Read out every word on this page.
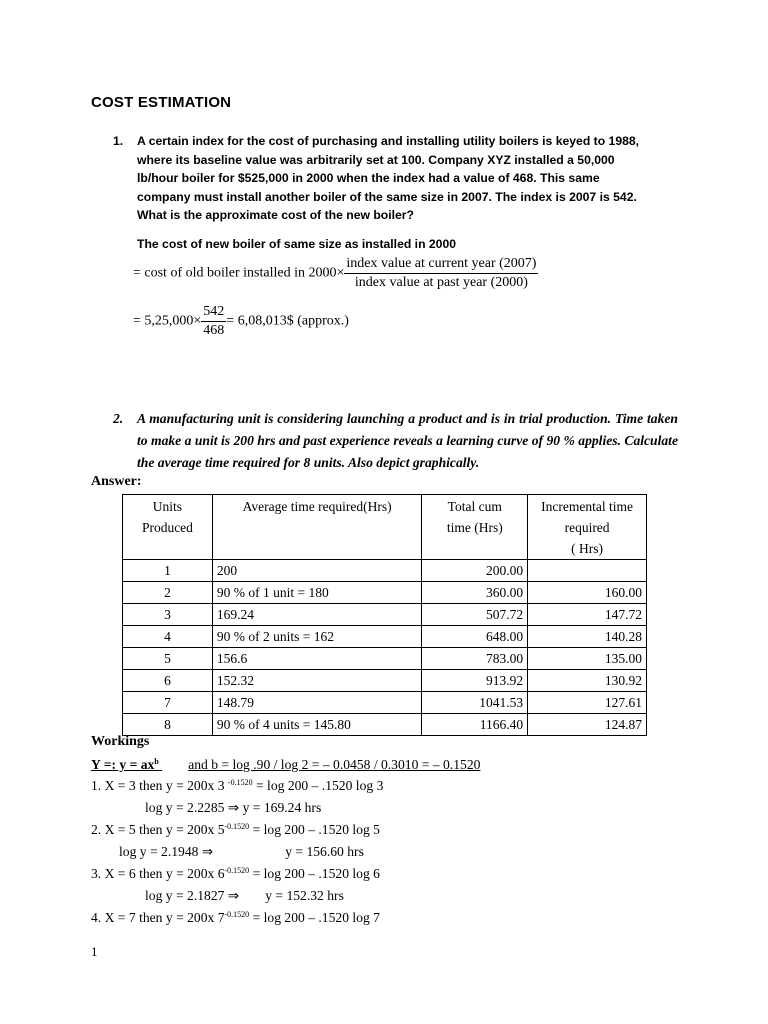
COST ESTIMATION
1. A certain index for the cost of purchasing and installing utility boilers is keyed to 1988, where its baseline value was arbitrarily set at 100. Company XYZ installed a 50,000 lb/hour boiler for $525,000 in 2000 when the index had a value of 468. This same company must install another boiler of the same size in 2007. The index is 2007 is 542. What is the approximate cost of the new boiler?
The cost of new boiler of same size as installed in 2000
= cost of old boiler installed in $2000\times \frac{\text{index value at current year (2007)}}{\text{index value at past year (2000)}}$
= $5,25,000\times \frac{542}{468}$ = 6,08,013$ (approx.)
2. A manufacturing unit is considering launching a product and is in trial production. Time taken to make a unit is 200 hrs and past experience reveals a learning curve of 90 % applies. Calculate the average time required for 8 units. Also depict graphically.
Answer:
Units
Produced	Average time required(Hrs)	Total cum
time (Hrs)	Incremental time
required
( Hrs)
1	200	200.00	
2	90 % of 1 unit = 180	360.00	160.00
3	169.24	507.72	147.72
4	90 % of 2 units = 162	648.00	140.28
5	156.6	783.00	135.00
6	152.32	913.92	130.92
7	148.79	1041.53	127.61
8	90 % of 4 units = 145.80	1166.40	124.87
Workings
Y =: $y = ax^b$ and b = log .90 / log 2 = – 0.0458 / 0.3010 = – 0.1520
1. X = 3 then y = 200x 3 $^{-0.1520}$ = log 200 – .1520 log 3
log y = 2.2285 ⇒ y = 169.24 hrs
2. X = 5 then y = 200x $5^{-0.1520} = \log 200 - .1520$ log 5
log y = 2.1948 ⇒	y = 156.60 hrs
3. X = 6 then y = 200x $6^{-0.1520} = \log 200 - .1520$ log 6
log y = 2.1827 ⇒ y = 152.32 hrs
4. X = 7 then y = 200x $7^{-0.1520} = \log 200 - .1520$ log 7
1
